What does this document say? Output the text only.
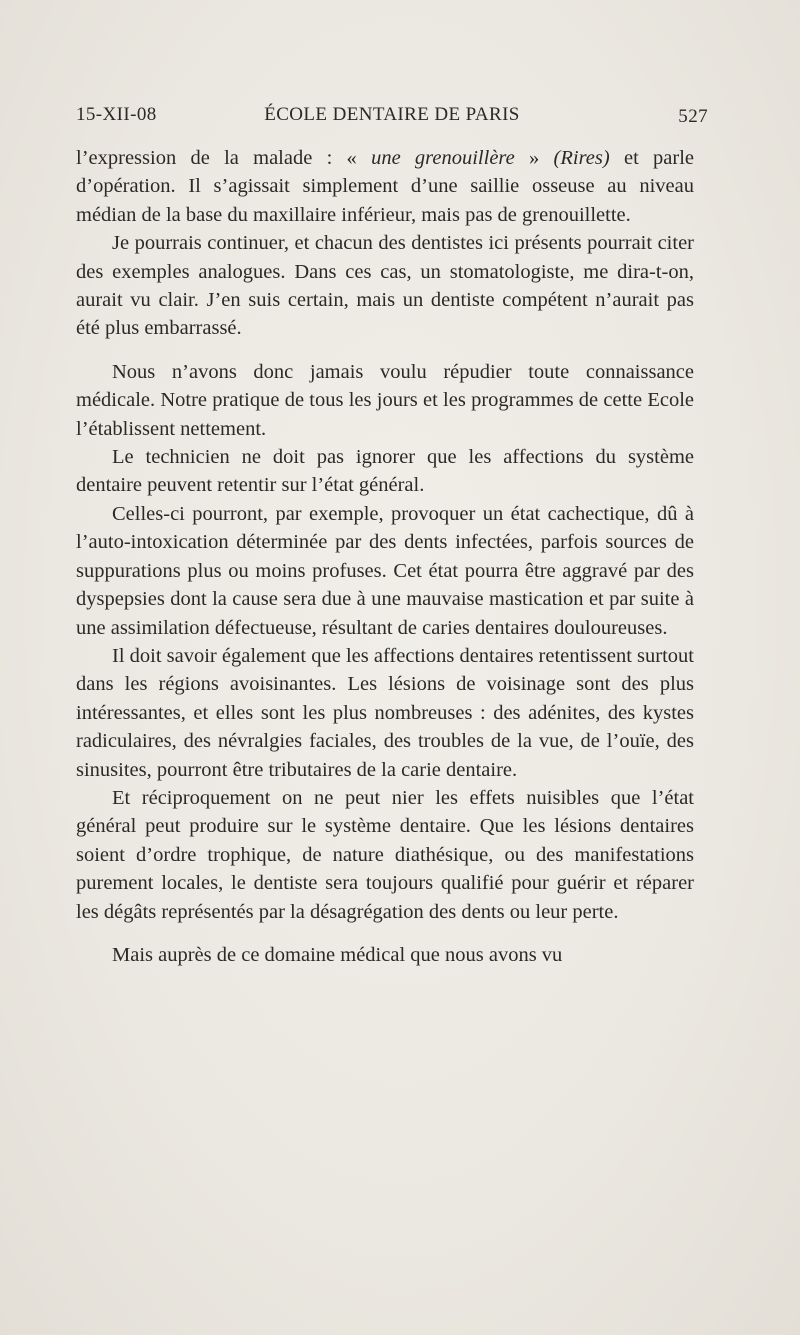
15-XII-08	ÉCOLE DENTAIRE DE PARIS	527

l’expression de la malade : « une grenouillère » (Rires) et parle d’opération. Il s’agissait simplement d’une saillie osseuse au niveau médian de la base du maxillaire inférieur, mais pas de grenouillette.

Je pourrais continuer, et chacun des dentistes ici présents pourrait citer des exemples analogues. Dans ces cas, un stomatologiste, me dira-t-on, aurait vu clair. J’en suis certain, mais un dentiste compétent n’aurait pas été plus embarrassé.

Nous n’avons donc jamais voulu répudier toute connaissance médicale. Notre pratique de tous les jours et les programmes de cette Ecole l’établissent nettement.

Le technicien ne doit pas ignorer que les affections du système dentaire peuvent retentir sur l’état général.

Celles-ci pourront, par exemple, provoquer un état cachectique, dû à l’auto-intoxication déterminée par des dents infectées, parfois sources de suppurations plus ou moins profuses. Cet état pourra être aggravé par des dyspepsies dont la cause sera due à une mauvaise mastication et par suite à une assimilation défectueuse, résultant de caries dentaires douloureuses.

Il doit savoir également que les affections dentaires retentissent surtout dans les régions avoisinantes. Les lésions de voisinage sont des plus intéressantes, et elles sont les plus nombreuses : des adénites, des kystes radiculaires, des névralgies faciales, des troubles de la vue, de l’ouïe, des sinusites, pourront être tributaires de la carie dentaire.

Et réciproquement on ne peut nier les effets nuisibles que l’état général peut produire sur le système dentaire. Que les lésions dentaires soient d’ordre trophique, de nature diathésique, ou des manifestations purement locales, le dentiste sera toujours qualifié pour guérir et réparer les dégâts représentés par la désagrégation des dents ou leur perte.

Mais auprès de ce domaine médical que nous avons vu
